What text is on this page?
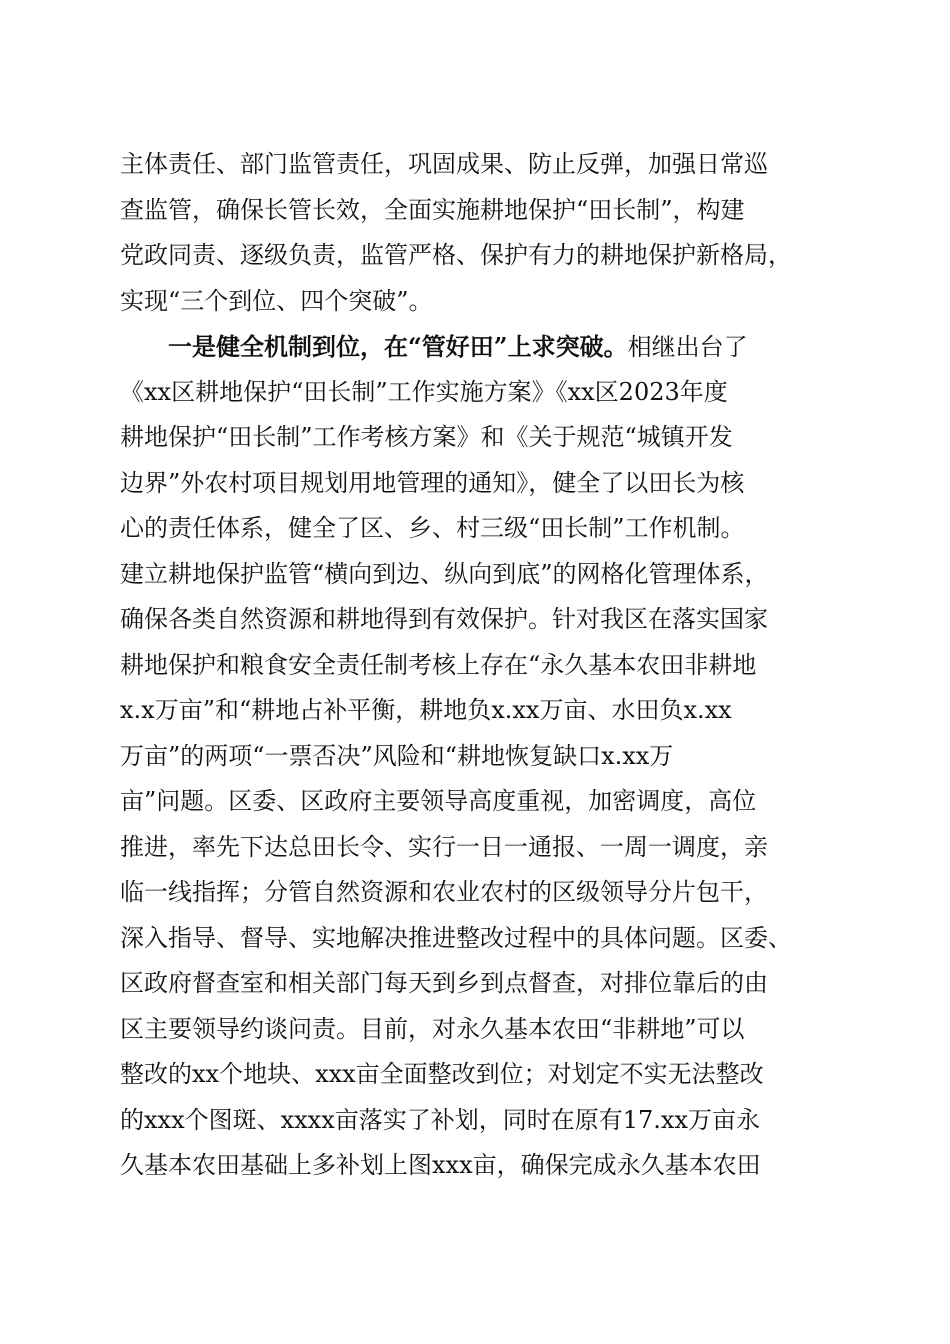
主体责任、部门监管责任，巩固成果、防止反弹，加强日常巡
查监管，确保长管长效，全面实施耕地保护“田长制”，构建
党政同责、逐级负责，监管严格、保护有力的耕地保护新格局，
实现“三个到位、四个突破”。
一是健全机制到位，在“管好田”上求突破。相继出台了
《xx区耕地保护“田长制”工作实施方案》《xx区2023年度
耕地保护“田长制”工作考核方案》和《关于规范“城镇开发
边界”外农村项目规划用地管理的通知》，健全了以田长为核
心的责任体系，健全了区、乡、村三级“田长制”工作机制。
建立耕地保护监管“横向到边、纵向到底”的网格化管理体系，
确保各类自然资源和耕地得到有效保护。针对我区在落实国家
耕地保护和粮食安全责任制考核上存在“永久基本农田非耕地
x.x万亩”和“耕地占补平衡，耕地负x.xx万亩、水田负x.xx
万亩”的两项“一票否决”风险和“耕地恢复缺口x.xx万
亩”问题。区委、区政府主要领导高度重视，加密调度，高位
推进，率先下达总田长令、实行一日一通报、一周一调度，亲
临一线指挥；分管自然资源和农业农村的区级领导分片包干，
深入指导、督导、实地解决推进整改过程中的具体问题。区委、
区政府督查室和相关部门每天到乡到点督查，对排位靠后的由
区主要领导约谈问责。目前，对永久基本农田“非耕地”可以
整改的xx个地块、xxx亩全面整改到位；对划定不实无法整改
的xxx个图斑、xxxx亩落实了补划，同时在原有17.xx万亩永
久基本农田基础上多补划上图xxx亩，确保完成永久基本农田
